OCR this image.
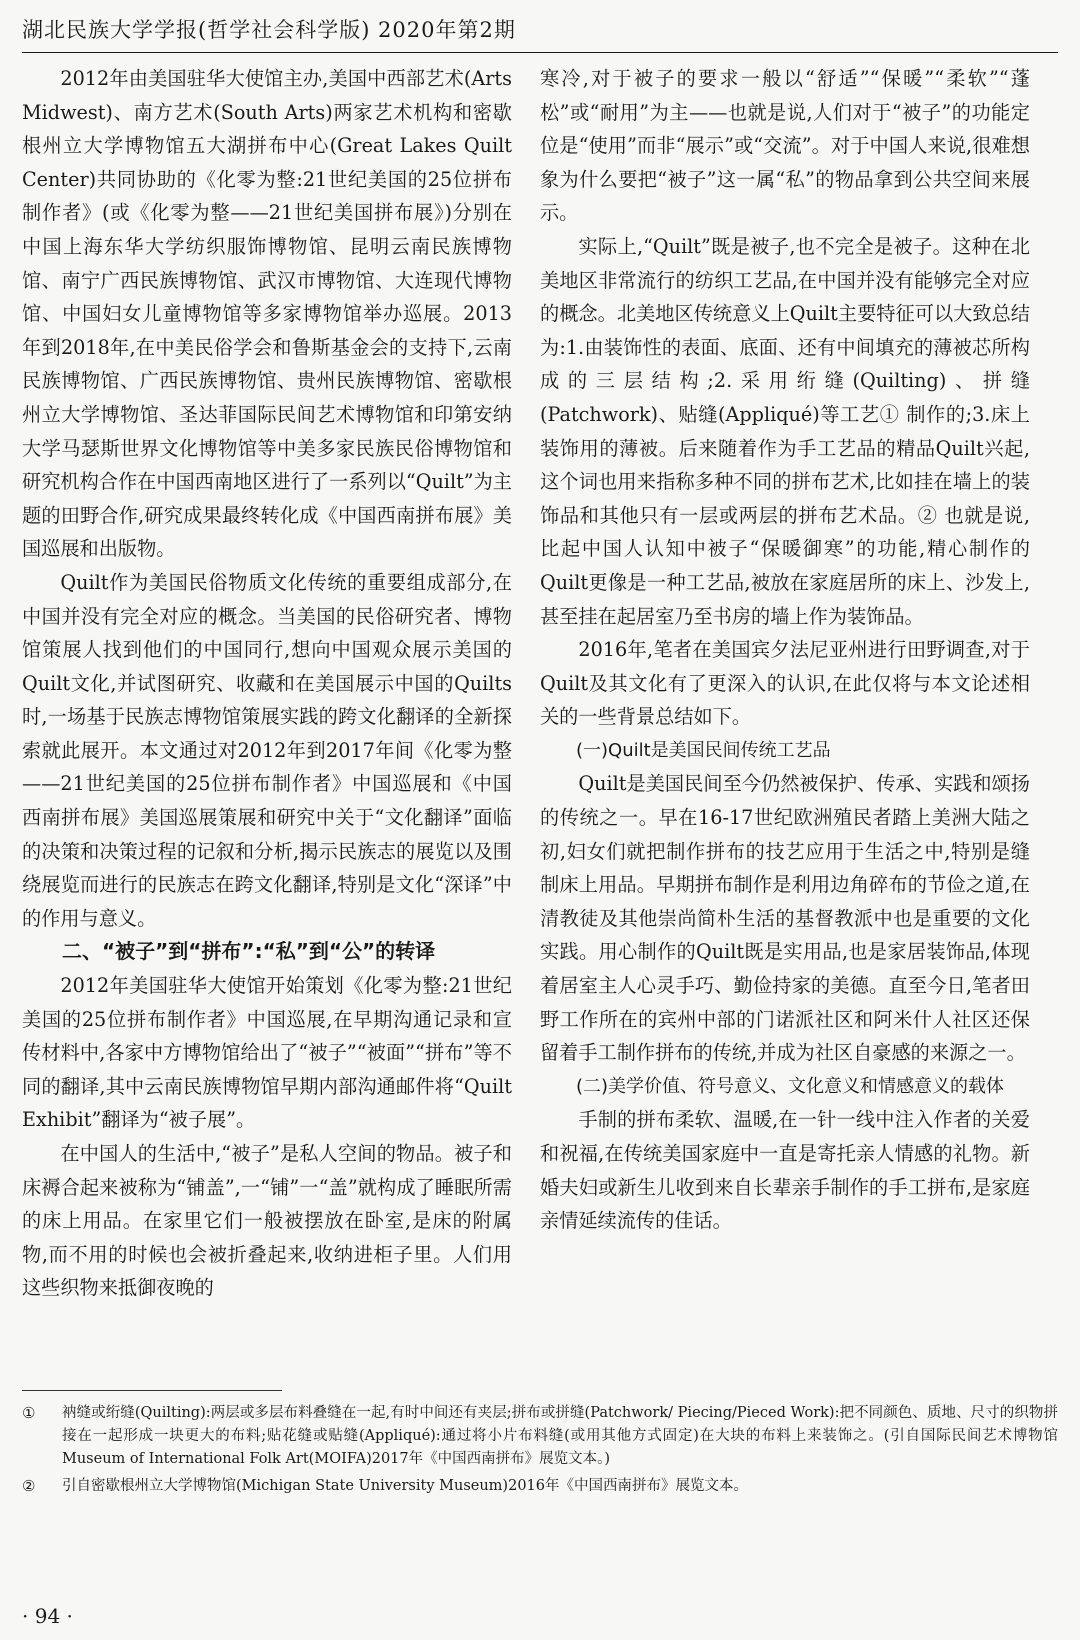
湖北民族大学学报(哲学社会科学版) 2020年第2期

2012年由美国驻华大使馆主办,美国中西部艺术(Arts Midwest)、南方艺术(South Arts)两家艺术机构和密歇根州立大学博物馆五大湖拼布中心(Great Lakes Quilt Center)共同协助的《化零为整:21世纪美国的25位拼布制作者》(或《化零为整——21世纪美国拼布展》)分别在中国上海东华大学纺织服饰博物馆、昆明云南民族博物馆、南宁广西民族博物馆、武汉市博物馆、大连现代博物馆、中国妇女儿童博物馆等多家博物馆举办巡展。2013年到2018年,在中美民俗学会和鲁斯基金会的支持下,云南民族博物馆、广西民族博物馆、贵州民族博物馆、密歇根州立大学博物馆、圣达菲国际民间艺术博物馆和印第安纳大学马瑟斯世界文化博物馆等中美多家民族民俗博物馆和研究机构合作在中国西南地区进行了一系列以“Quilt”为主题的田野合作,研究成果最终转化成《中国西南拼布展》美国巡展和出版物。

Quilt作为美国民俗物质文化传统的重要组成部分,在中国并没有完全对应的概念。当美国的民俗研究者、博物馆策展人找到他们的中国同行,想向中国观众展示美国的Quilt文化,并试图研究、收藏和在美国展示中国的Quilts时,一场基于民族志博物馆策展实践的跨文化翻译的全新探索就此展开。本文通过对2012年到2017年间《化零为整——21世纪美国的25位拼布制作者》中国巡展和《中国西南拼布展》美国巡展策展和研究中关于“文化翻译”面临的决策和决策过程的记叙和分析,揭示民族志的展览以及围绕展览而进行的民族志在跨文化翻译,特别是文化“深译”中的作用与意义。

二、“被子”到“拼布”:“私”到“公”的转译

2012年美国驻华大使馆开始策划《化零为整:21世纪美国的25位拼布制作者》中国巡展,在早期沟通记录和宣传材料中,各家中方博物馆给出了“被子”“被面”“拼布”等不同的翻译,其中云南民族博物馆早期内部沟通邮件将“Quilt Exhibit”翻译为“被子展”。

在中国人的生活中,“被子”是私人空间的物品。被子和床褥合起来被称为“铺盖”,一“铺”一“盖”就构成了睡眠所需的床上用品。在家里它们一般被摆放在卧室,是床的附属物,而不用的时候也会被折叠起来,收纳进柜子里。人们用这些织物来抵御夜晚的

寒冷,对于被子的要求一般以“舒适”“保暖”“柔软”“蓬松”或“耐用”为主——也就是说,人们对于“被子”的功能定位是“使用”而非“展示”或“交流”。对于中国人来说,很难想象为什么要把“被子”这一属“私”的物品拿到公共空间来展示。

实际上,“Quilt”既是被子,也不完全是被子。这种在北美地区非常流行的纺织工艺品,在中国并没有能够完全对应的概念。北美地区传统意义上Quilt主要特征可以大致总结为:1.由装饰性的表面、底面、还有中间填充的薄被芯所构成的三层结构;2.采用绗缝(Quilting)、拼缝(Patchwork)、贴缝(Appliqué)等工艺① 制作的;3.床上装饰用的薄被。后来随着作为手工艺品的精品Quilt兴起,这个词也用来指称多种不同的拼布艺术,比如挂在墙上的装饰品和其他只有一层或两层的拼布艺术品。② 也就是说,比起中国人认知中被子“保暖御寒”的功能,精心制作的Quilt更像是一种工艺品,被放在家庭居所的床上、沙发上,甚至挂在起居室乃至书房的墙上作为装饰品。

2016年,笔者在美国宾夕法尼亚州进行田野调查,对于Quilt及其文化有了更深入的认识,在此仅将与本文论述相关的一些背景总结如下。

(一)Quilt是美国民间传统工艺品

Quilt是美国民间至今仍然被保护、传承、实践和颂扬的传统之一。早在16-17世纪欧洲殖民者踏上美洲大陆之初,妇女们就把制作拼布的技艺应用于生活之中,特别是缝制床上用品。早期拼布制作是利用边角碎布的节俭之道,在清教徒及其他崇尚简朴生活的基督教派中也是重要的文化实践。用心制作的Quilt既是实用品,也是家居装饰品,体现着居室主人心灵手巧、勤俭持家的美德。直至今日,笔者田野工作所在的宾州中部的门诺派社区和阿米什人社区还保留着手工制作拼布的传统,并成为社区自豪感的来源之一。

(二)美学价值、符号意义、文化意义和情感意义的载体

手制的拼布柔软、温暖,在一针一线中注入作者的关爱和祝福,在传统美国家庭中一直是寄托亲人情感的礼物。新婚夫妇或新生儿收到来自长辈亲手制作的手工拼布,是家庭亲情延续流传的佳话。

①	衲缝或绗缝(Quilting):两层或多层布料叠缝在一起,有时中间还有夹层;拼布或拼缝(Patchwork/ Piecing/Pieced Work):把不同颜色、质地、尺寸的织物拼接在一起形成一块更大的布料;贴花缝或贴缝(Appliqué):通过将小片布料缝(或用其他方式固定)在大块的布料上来装饰之。(引自国际民间艺术博物馆Museum of International Folk Art(MOIFA)2017年《中国西南拼布》展览文本。)
②	引自密歇根州立大学博物馆(Michigan State University Museum)2016年《中国西南拼布》展览文本。
· 94 ·
